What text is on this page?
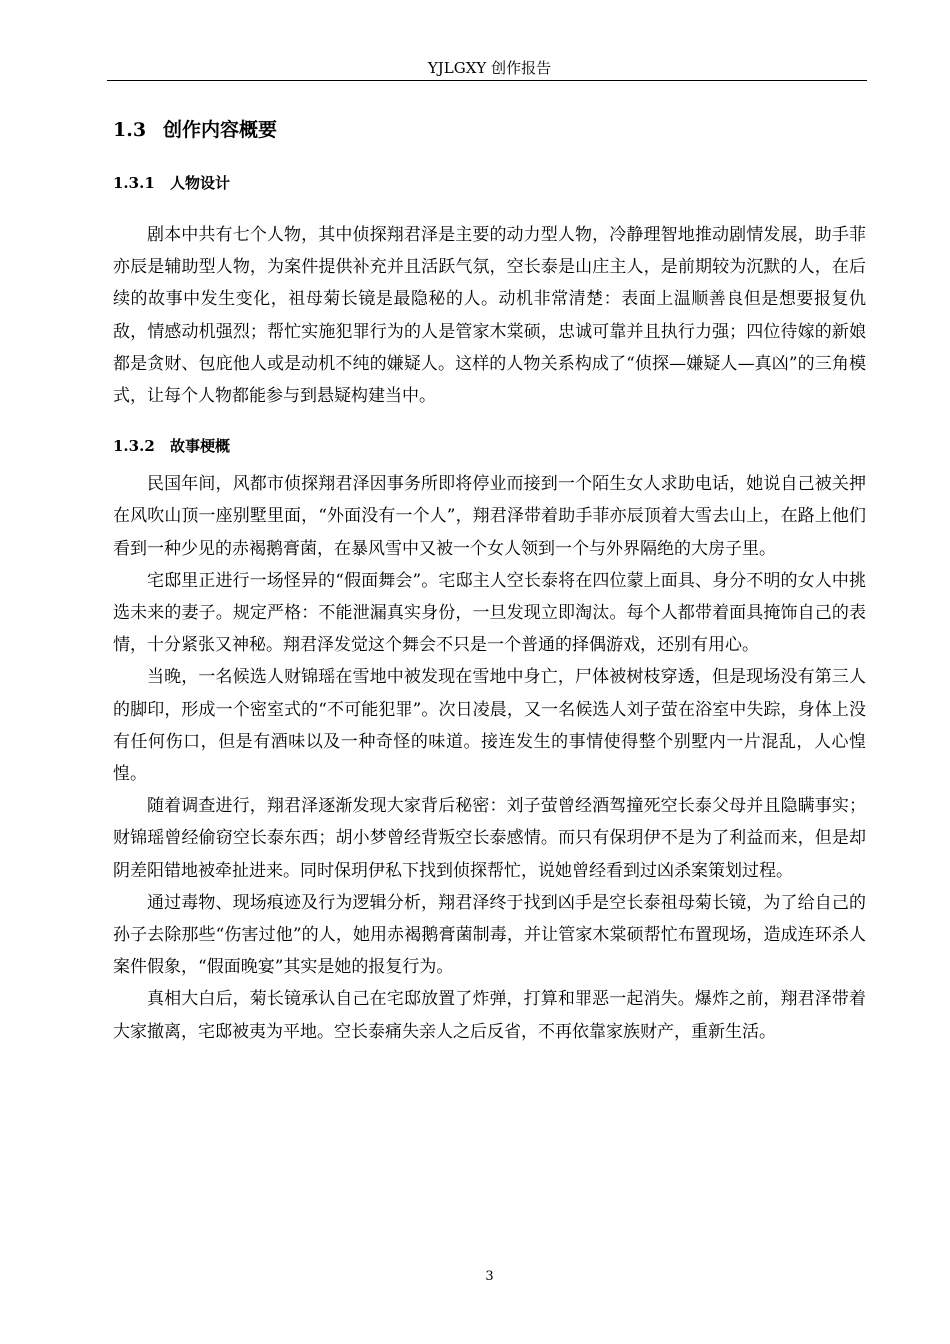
YJLGXY 创作报告
1.3 创作内容概要
1.3.1 人物设计

剧本中共有七个人物，其中侦探翔君泽是主要的动力型人物，冷静理智地推动剧情发展，助手菲亦辰是辅助型人物，为案件提供补充并且活跃气氛，空长泰是山庄主人，是前期较为沉默的人，在后续的故事中发生变化，祖母菊长镜是最隐秘的人。动机非常清楚：表面上温顺善良但是想要报复仇敌，情感动机强烈；帮忙实施犯罪行为的人是管家木棠硕，忠诚可靠并且执行力强；四位待嫁的新娘都是贪财、包庇他人或是动机不纯的嫌疑人。这样的人物关系构成了“侦探—嫌疑人—真凶”的三角模式，让每个人物都能参与到悬疑构建当中。

1.3.2 故事梗概

民国年间，风都市侦探翔君泽因事务所即将停业而接到一个陌生女人求助电话，她说自己被关押在风吹山顶一座别墅里面，“外面没有一个人”，翔君泽带着助手菲亦辰顶着大雪去山上，在路上他们看到一种少见的赤褐鹅膏菌，在暴风雪中又被一个女人领到一个与外界隔绝的大房子里。

宅邸里正进行一场怪异的“假面舞会”。宅邸主人空长泰将在四位蒙上面具、身分不明的女人中挑选未来的妻子。规定严格：不能泄漏真实身份，一旦发现立即淘汰。每个人都带着面具掩饰自己的表情，十分紧张又神秘。翔君泽发觉这个舞会不只是一个普通的择偶游戏，还别有用心。

当晚，一名候选人财锦瑶在雪地中被发现在雪地中身亡，尸体被树枝穿透，但是现场没有第三人的脚印，形成一个密室式的“不可能犯罪”。次日凌晨，又一名候选人刘子萤在浴室中失踪，身体上没有任何伤口，但是有酒味以及一种奇怪的味道。接连发生的事情使得整个别墅内一片混乱，人心惶惶。

随着调查进行，翔君泽逐渐发现大家背后秘密：刘子萤曾经酒驾撞死空长泰父母并且隐瞒事实；财锦瑶曾经偷窃空长泰东西；胡小梦曾经背叛空长泰感情。而只有保玥伊不是为了利益而来，但是却阴差阳错地被牵扯进来。同时保玥伊私下找到侦探帮忙，说她曾经看到过凶杀案策划过程。

通过毒物、现场痕迹及行为逻辑分析，翔君泽终于找到凶手是空长泰祖母菊长镜，为了给自己的孙子去除那些“伤害过他”的人，她用赤褐鹅膏菌制毒，并让管家木棠硕帮忙布置现场，造成连环杀人案件假象，“假面晚宴”其实是她的报复行为。

真相大白后，菊长镜承认自己在宅邸放置了炸弹，打算和罪恶一起消失。爆炸之前，翔君泽带着大家撤离，宅邸被夷为平地。空长泰痛失亲人之后反省，不再依靠家族财产，重新生活。

3
